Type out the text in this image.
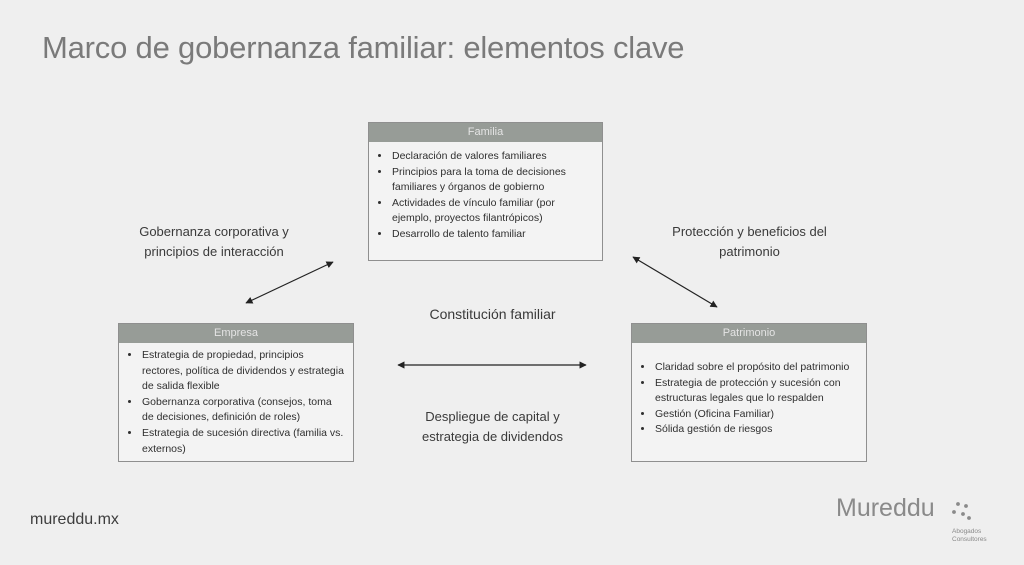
Marco de gobernanza familiar: elementos clave
Familia
• Declaración de valores familiares
• Principios para la toma de decisiones familiares y órganos de gobierno
• Actividades de vínculo familiar (por ejemplo, proyectos filantrópicos)
• Desarrollo de talento familiar
Empresa
• Estrategia de propiedad, principios rectores, política de dividendos y estrategia de salida flexible
• Gobernanza corporativa (consejos, toma de decisiones, definición de roles)
• Estrategia de sucesión directiva (familia vs. externos)
Patrimonio
• Claridad sobre el propósito del patrimonio
• Estrategia de protección y sucesión con estructuras legales que lo respalden
• Gestión (Oficina Familiar)
• Sólida gestión de riesgos
Gobernanza corporativa y
principios de interacción
Protección y beneficios del
patrimonio
Constitución familiar
Despliegue de capital y
estrategia de dividendos
mureddu.mx	Mureddu
Abogados
Consultores
